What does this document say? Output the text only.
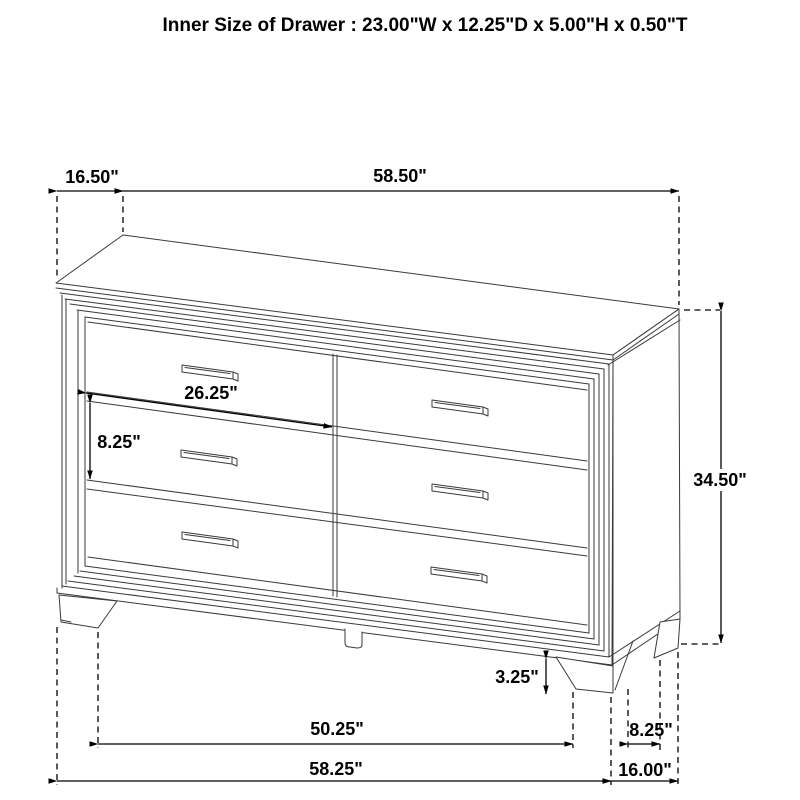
Inner Size of Drawer : 23.00"W x 12.25"D x 5.00"H x 0.50"T
16.50"	58.50"
26.25"
8.25"
34.50"
3.25"
50.25"	8.25"
58.25"	16.00"
